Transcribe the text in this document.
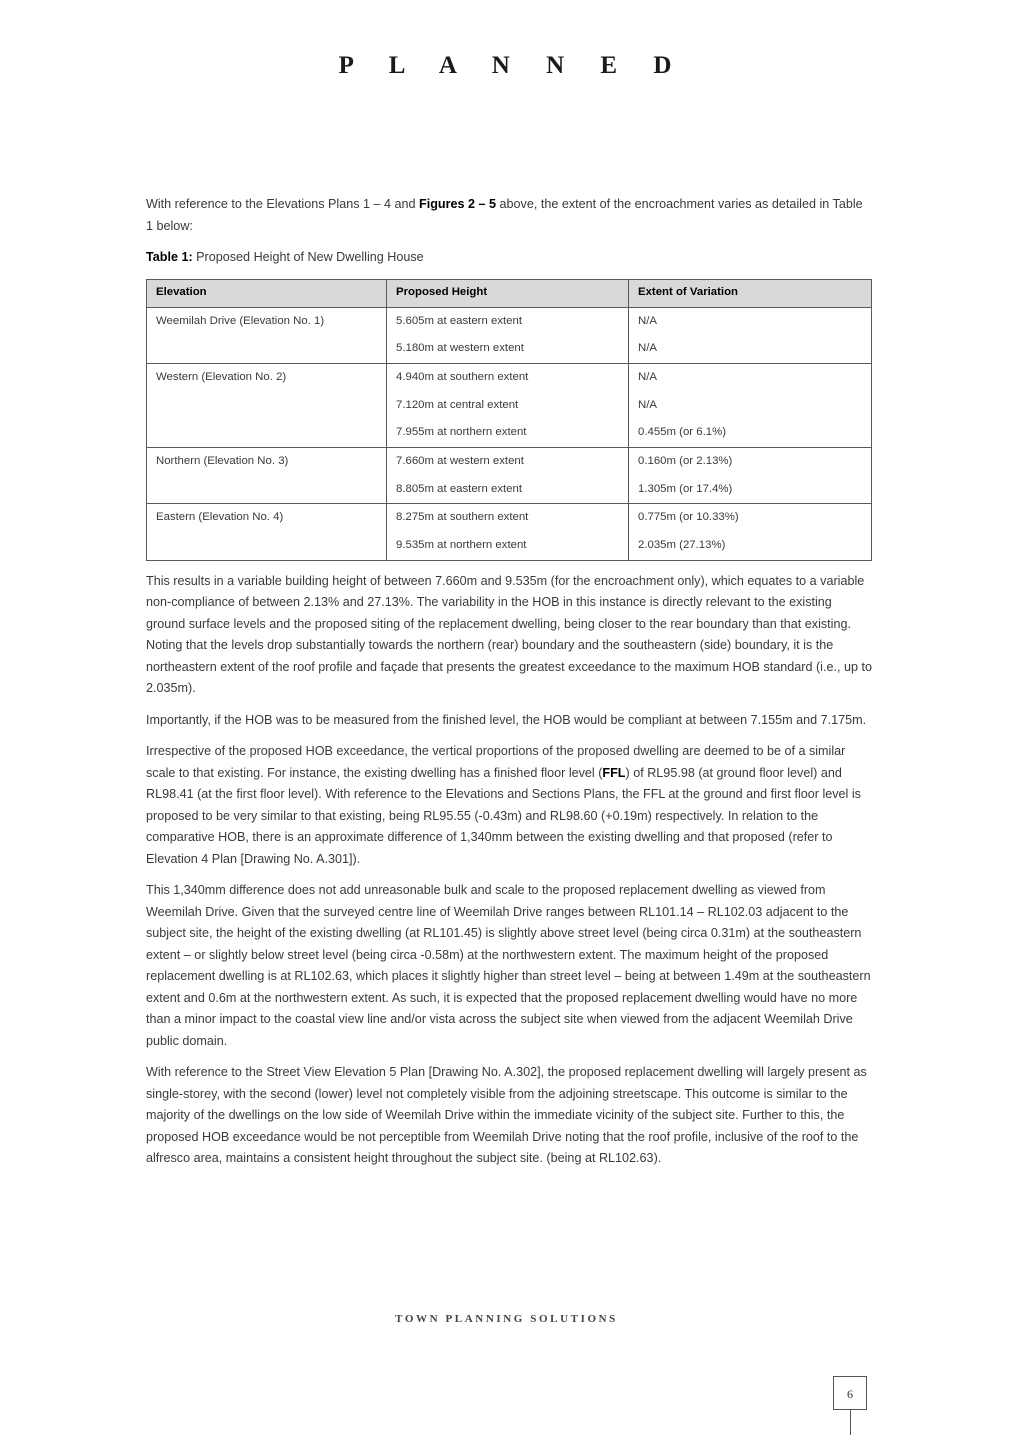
P L A N N E D

With reference to the Elevations Plans 1 – 4 and Figures 2 – 5 above, the extent of the encroachment varies as detailed in Table 1 below:

Table 1: Proposed Height of New Dwelling House

Elevation	Proposed Height	Extent of Variation
Weemilah Drive (Elevation No. 1)	5.605m at eastern extent	N/A
	5.180m at western extent	N/A
Western (Elevation No. 2)	4.940m at southern extent	N/A
	7.120m at central extent	N/A
	7.955m at northern extent	0.455m (or 6.1%)
Northern (Elevation No. 3)	7.660m at western extent	0.160m (or 2.13%)
	8.805m at eastern extent	1.305m (or 17.4%)
Eastern (Elevation No. 4)	8.275m at southern extent	0.775m (or 10.33%)
	9.535m at northern extent	2.035m (27.13%)

This results in a variable building height of between 7.660m and 9.535m (for the encroachment only), which equates to a variable non-compliance of between 2.13% and 27.13%. The variability in the HOB in this instance is directly relevant to the existing ground surface levels and the proposed siting of the replacement dwelling, being closer to the rear boundary than that existing. Noting that the levels drop substantially towards the northern (rear) boundary and the southeastern (side) boundary, it is the northeastern extent of the roof profile and façade that presents the greatest exceedance to the maximum HOB standard (i.e., up to 2.035m).

Importantly, if the HOB was to be measured from the finished level, the HOB would be compliant at between 7.155m and 7.175m.

Irrespective of the proposed HOB exceedance, the vertical proportions of the proposed dwelling are deemed to be of a similar scale to that existing. For instance, the existing dwelling has a finished floor level (FFL) of RL95.98 (at ground floor level) and RL98.41 (at the first floor level). With reference to the Elevations and Sections Plans, the FFL at the ground and first floor level is proposed to be very similar to that existing, being RL95.55 (-0.43m) and RL98.60 (+0.19m) respectively. In relation to the comparative HOB, there is an approximate difference of 1,340mm between the existing dwelling and that proposed (refer to Elevation 4 Plan [Drawing No. A.301]).

This 1,340mm difference does not add unreasonable bulk and scale to the proposed replacement dwelling as viewed from Weemilah Drive. Given that the surveyed centre line of Weemilah Drive ranges between RL101.14 – RL102.03 adjacent to the subject site, the height of the existing dwelling (at RL101.45) is slightly above street level (being circa 0.31m) at the southeastern extent – or slightly below street level (being circa -0.58m) at the northwestern extent. The maximum height of the proposed replacement dwelling is at RL102.63, which places it slightly higher than street level – being at between 1.49m at the southeastern extent and 0.6m at the northwestern extent. As such, it is expected that the proposed replacement dwelling would have no more than a minor impact to the coastal view line and/or vista across the subject site when viewed from the adjacent Weemilah Drive public domain.

With reference to the Street View Elevation 5 Plan [Drawing No. A.302], the proposed replacement dwelling will largely present as single-storey, with the second (lower) level not completely visible from the adjoining streetscape. This outcome is similar to the majority of the dwellings on the low side of Weemilah Drive within the immediate vicinity of the subject site. Further to this, the proposed HOB exceedance would be not perceptible from Weemilah Drive noting that the roof profile, inclusive of the roof to the alfresco area, maintains a consistent height throughout the subject site. (being at RL102.63).

TOWN PLANNING SOLUTIONS
6
